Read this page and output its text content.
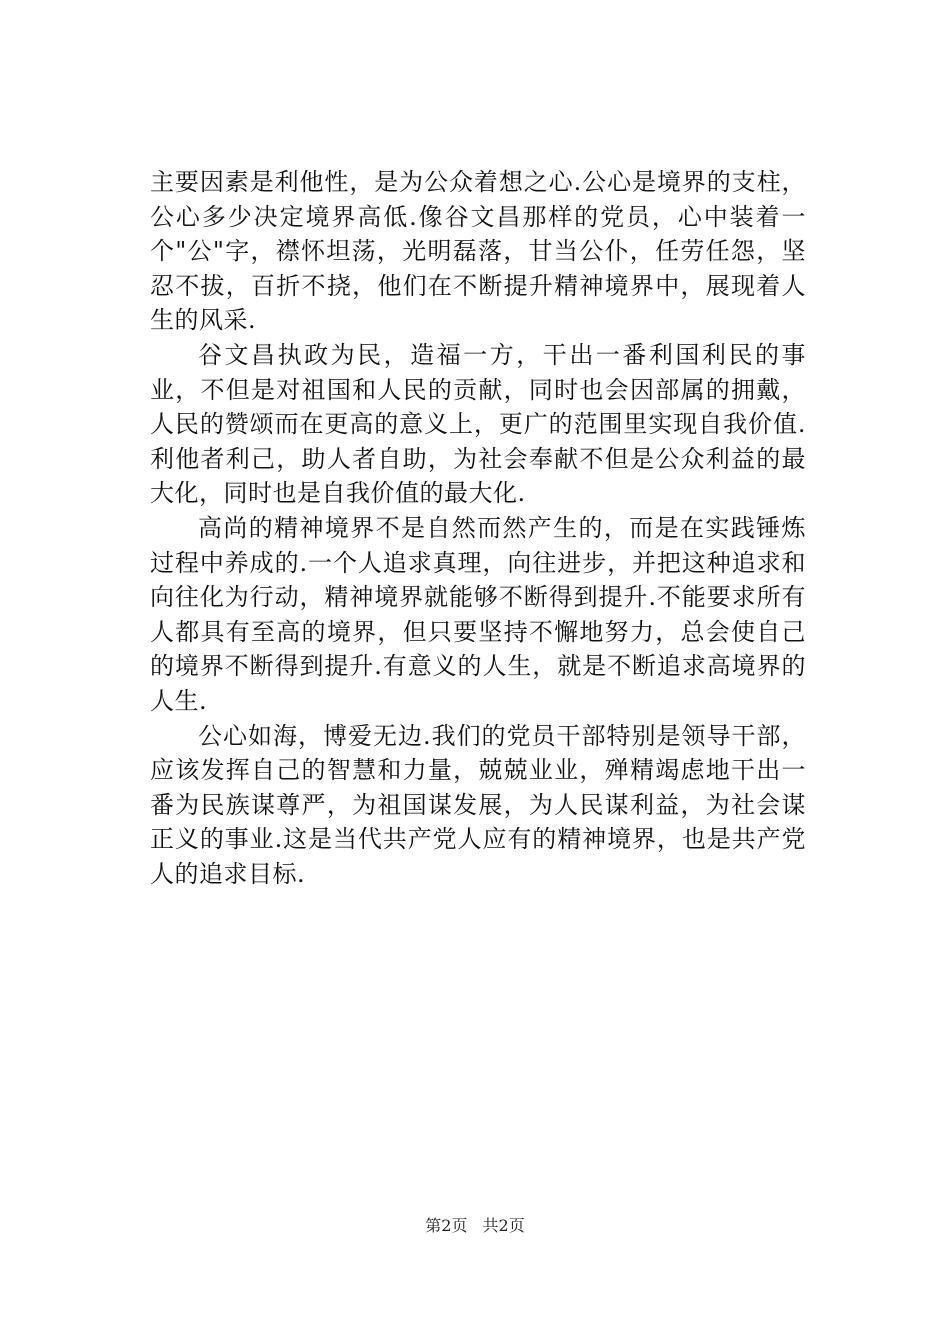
主要因素是利他性，是为公众着想之心.公心是境界的支柱，公心多少决定境界高低.像谷文昌那样的党员，心中装着一个"公"字，襟怀坦荡，光明磊落，甘当公仆，任劳任怨，坚忍不拔，百折不挠，他们在不断提升精神境界中，展现着人生的风采.

谷文昌执政为民，造福一方，干出一番利国利民的事业，不但是对祖国和人民的贡献，同时也会因部属的拥戴，人民的赞颂而在更高的意义上，更广的范围里实现自我价值.利他者利己，助人者自助，为社会奉献不但是公众利益的最大化，同时也是自我价值的最大化.

高尚的精神境界不是自然而然产生的，而是在实践锤炼过程中养成的.一个人追求真理，向往进步，并把这种追求和向往化为行动，精神境界就能够不断得到提升.不能要求所有人都具有至高的境界，但只要坚持不懈地努力，总会使自己的境界不断得到提升.有意义的人生，就是不断追求高境界的人生.

公心如海，博爱无边.我们的党员干部特别是领导干部，应该发挥自己的智慧和力量，兢兢业业，殚精竭虑地干出一番为民族谋尊严，为祖国谋发展，为人民谋利益，为社会谋正义的事业.这是当代共产党人应有的精神境界，也是共产党人的追求目标.

第2页 共2页
